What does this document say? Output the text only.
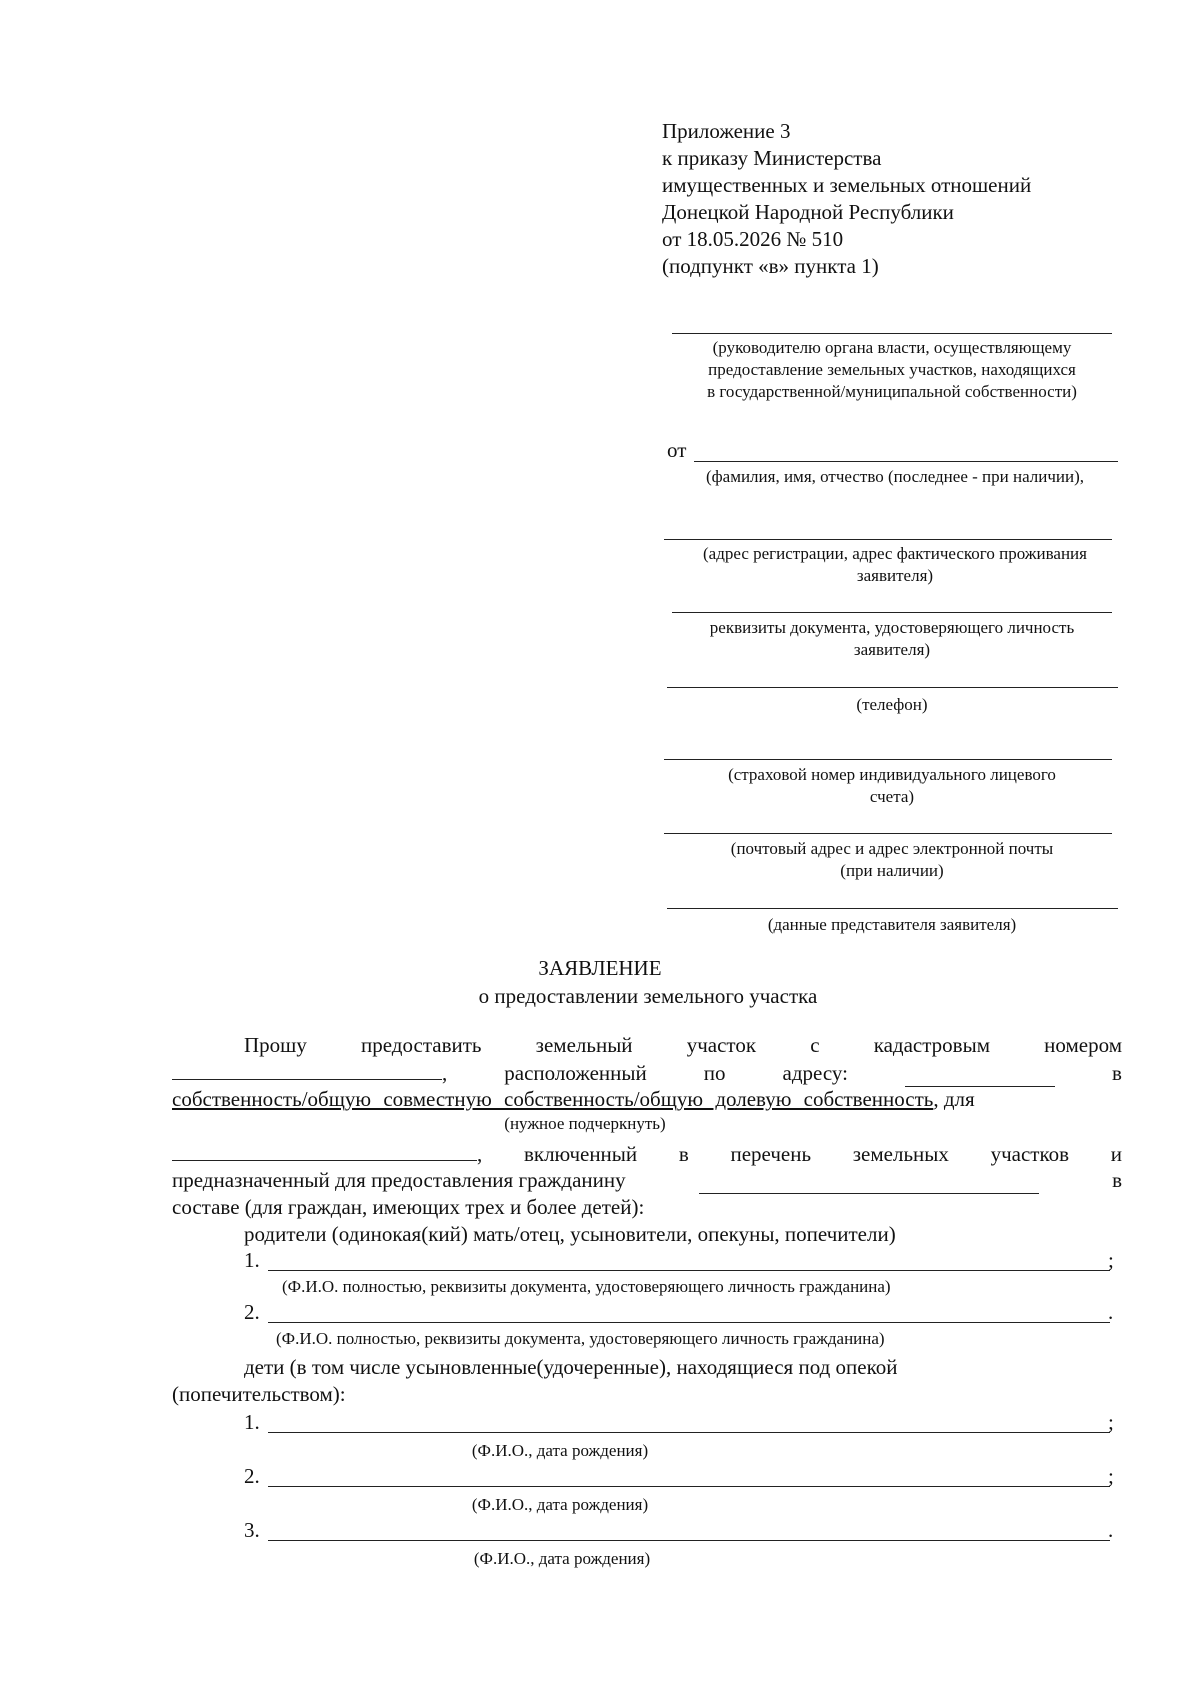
Приложение 3
к приказу Министерства
имущественных и земельных отношений
Донецкой Народной Республики
от 18.05.2026 № 510
(подпункт «в» пункта 1)
(руководителю органа власти, осуществляющему
предоставление земельных участков, находящихся
в государственной/муниципальной собственности)
от
(фамилия, имя, отчество (последнее - при наличии),
(адрес регистрации, адрес фактического проживания
заявителя)
реквизиты документа, удостоверяющего личность
заявителя)
(телефон)
(страховой номер индивидуального лицевого
счета)
(почтовый адрес и адрес электронной почты
(при наличии)
(данные представителя заявителя)
ЗАЯВЛЕНИЕ
о предоставлении земельного участка
Прошу	предоставить	земельный	участок	с	кадастровым	номером
,	расположенный	по	адресу:	в
собственность/общую совместную собственность/общую долевую собственность, для
(нужное подчеркнуть)
, включенный в перечень земельных участков и
предназначенный для предоставления гражданину	в
составе (для граждан, имеющих трех и более детей):
родители (одинокая(кий) мать/отец, усыновители, опекуны, попечители)
1.	;
(Ф.И.О. полностью, реквизиты документа, удостоверяющего личность гражданина)
2.	.
(Ф.И.О. полностью, реквизиты документа, удостоверяющего личность гражданина)
дети (в том числе усыновленные(удочеренные), находящиеся под опекой
(попечительством):
1.	;
(Ф.И.О., дата рождения)
2.	;
(Ф.И.О., дата рождения)
3.	.
(Ф.И.О., дата рождения)
